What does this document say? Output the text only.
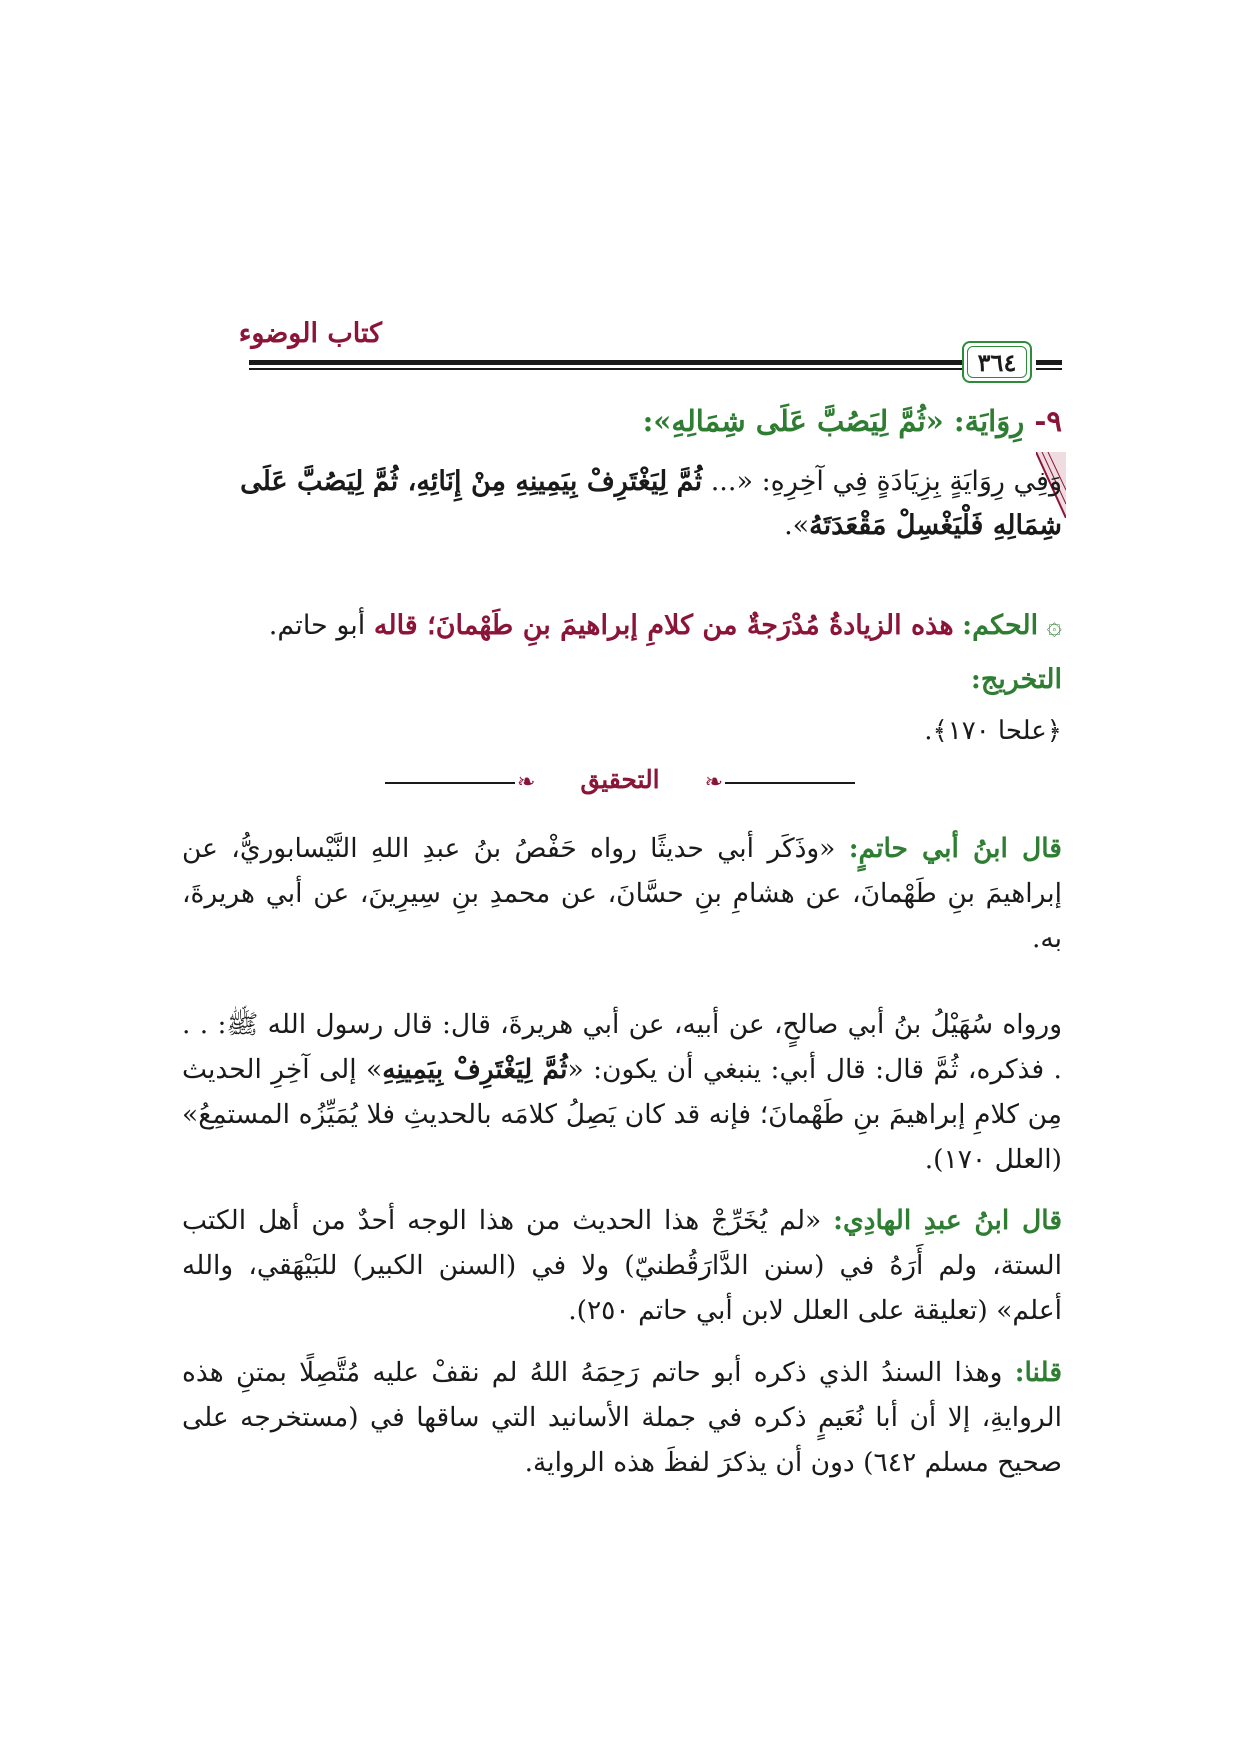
كتاب الوضوء
٣٦٤
٩- رِوَايَة: «ثُمَّ لِيَصُبَّ عَلَى شِمَالِهِ»:
وَفِي رِوَايَةٍ بِزِيَادَةٍ فِي آخِرِهِ: «... ثُمَّ لِيَغْتَرِفْ بِيَمِينِهِ مِنْ إِنَائِهِ، ثُمَّ لِيَصُبَّ عَلَى شِمَالِهِ فَلْيَغْسِلْ مَقْعَدَتَهُ».
۞ الحكم: هذه الزيادةُ مُدْرَجةٌ من كلامِ إبراهيمَ بنِ طَهْمانَ؛ قاله أبو حاتم.
التخريج:
﴿علحا ١٧٠﴾.
❧	التحقيق	❧
قال ابنُ أبي حاتمٍ: «وذَكَر أبي حديثًا رواه حَفْصُ بنُ عبدِ اللهِ النَّيْسابوريُّ، عن إبراهيمَ بنِ طَهْمانَ، عن هشامِ بنِ حسَّانَ، عن محمدِ بنِ سِيرِينَ، عن أبي هريرةَ، به.
ورواه سُهَيْلُ بنُ أبي صالحٍ، عن أبيه، عن أبي هريرةَ، قال: قال رسول الله ﷺ: . . . فذكره، ثُمَّ قال: قال أبي: ينبغي أن يكون: «ثُمَّ لِيَغْتَرِفْ بِيَمِينِهِ» إلى آخِرِ الحديث مِن كلامِ إبراهيمَ بنِ طَهْمانَ؛ فإنه قد كان يَصِلُ كلامَه بالحديثِ فلا يُمَيِّزُه المستمِعُ» (العلل ١٧٠).
قال ابنُ عبدِ الهادِي: «لم يُخَرِّجْ هذا الحديث من هذا الوجه أحدٌ من أهل الكتب الستة، ولم أَرَهُ في (سنن الدَّارَقُطنيّ) ولا في (السنن الكبير) للبَيْهَقي، والله أعلم» (تعليقة على العلل لابن أبي حاتم ٢٥٠).
قلنا: وهذا السندُ الذي ذكره أبو حاتم رَحِمَهُ اللهُ لم نقفْ عليه مُتَّصِلًا بمتنِ هذه الروايةِ، إلا أن أبا نُعَيمٍ ذكره في جملة الأسانيد التي ساقها في (مستخرجه على صحيح مسلم ٦٤٢) دون أن يذكرَ لفظَ هذه الرواية.
